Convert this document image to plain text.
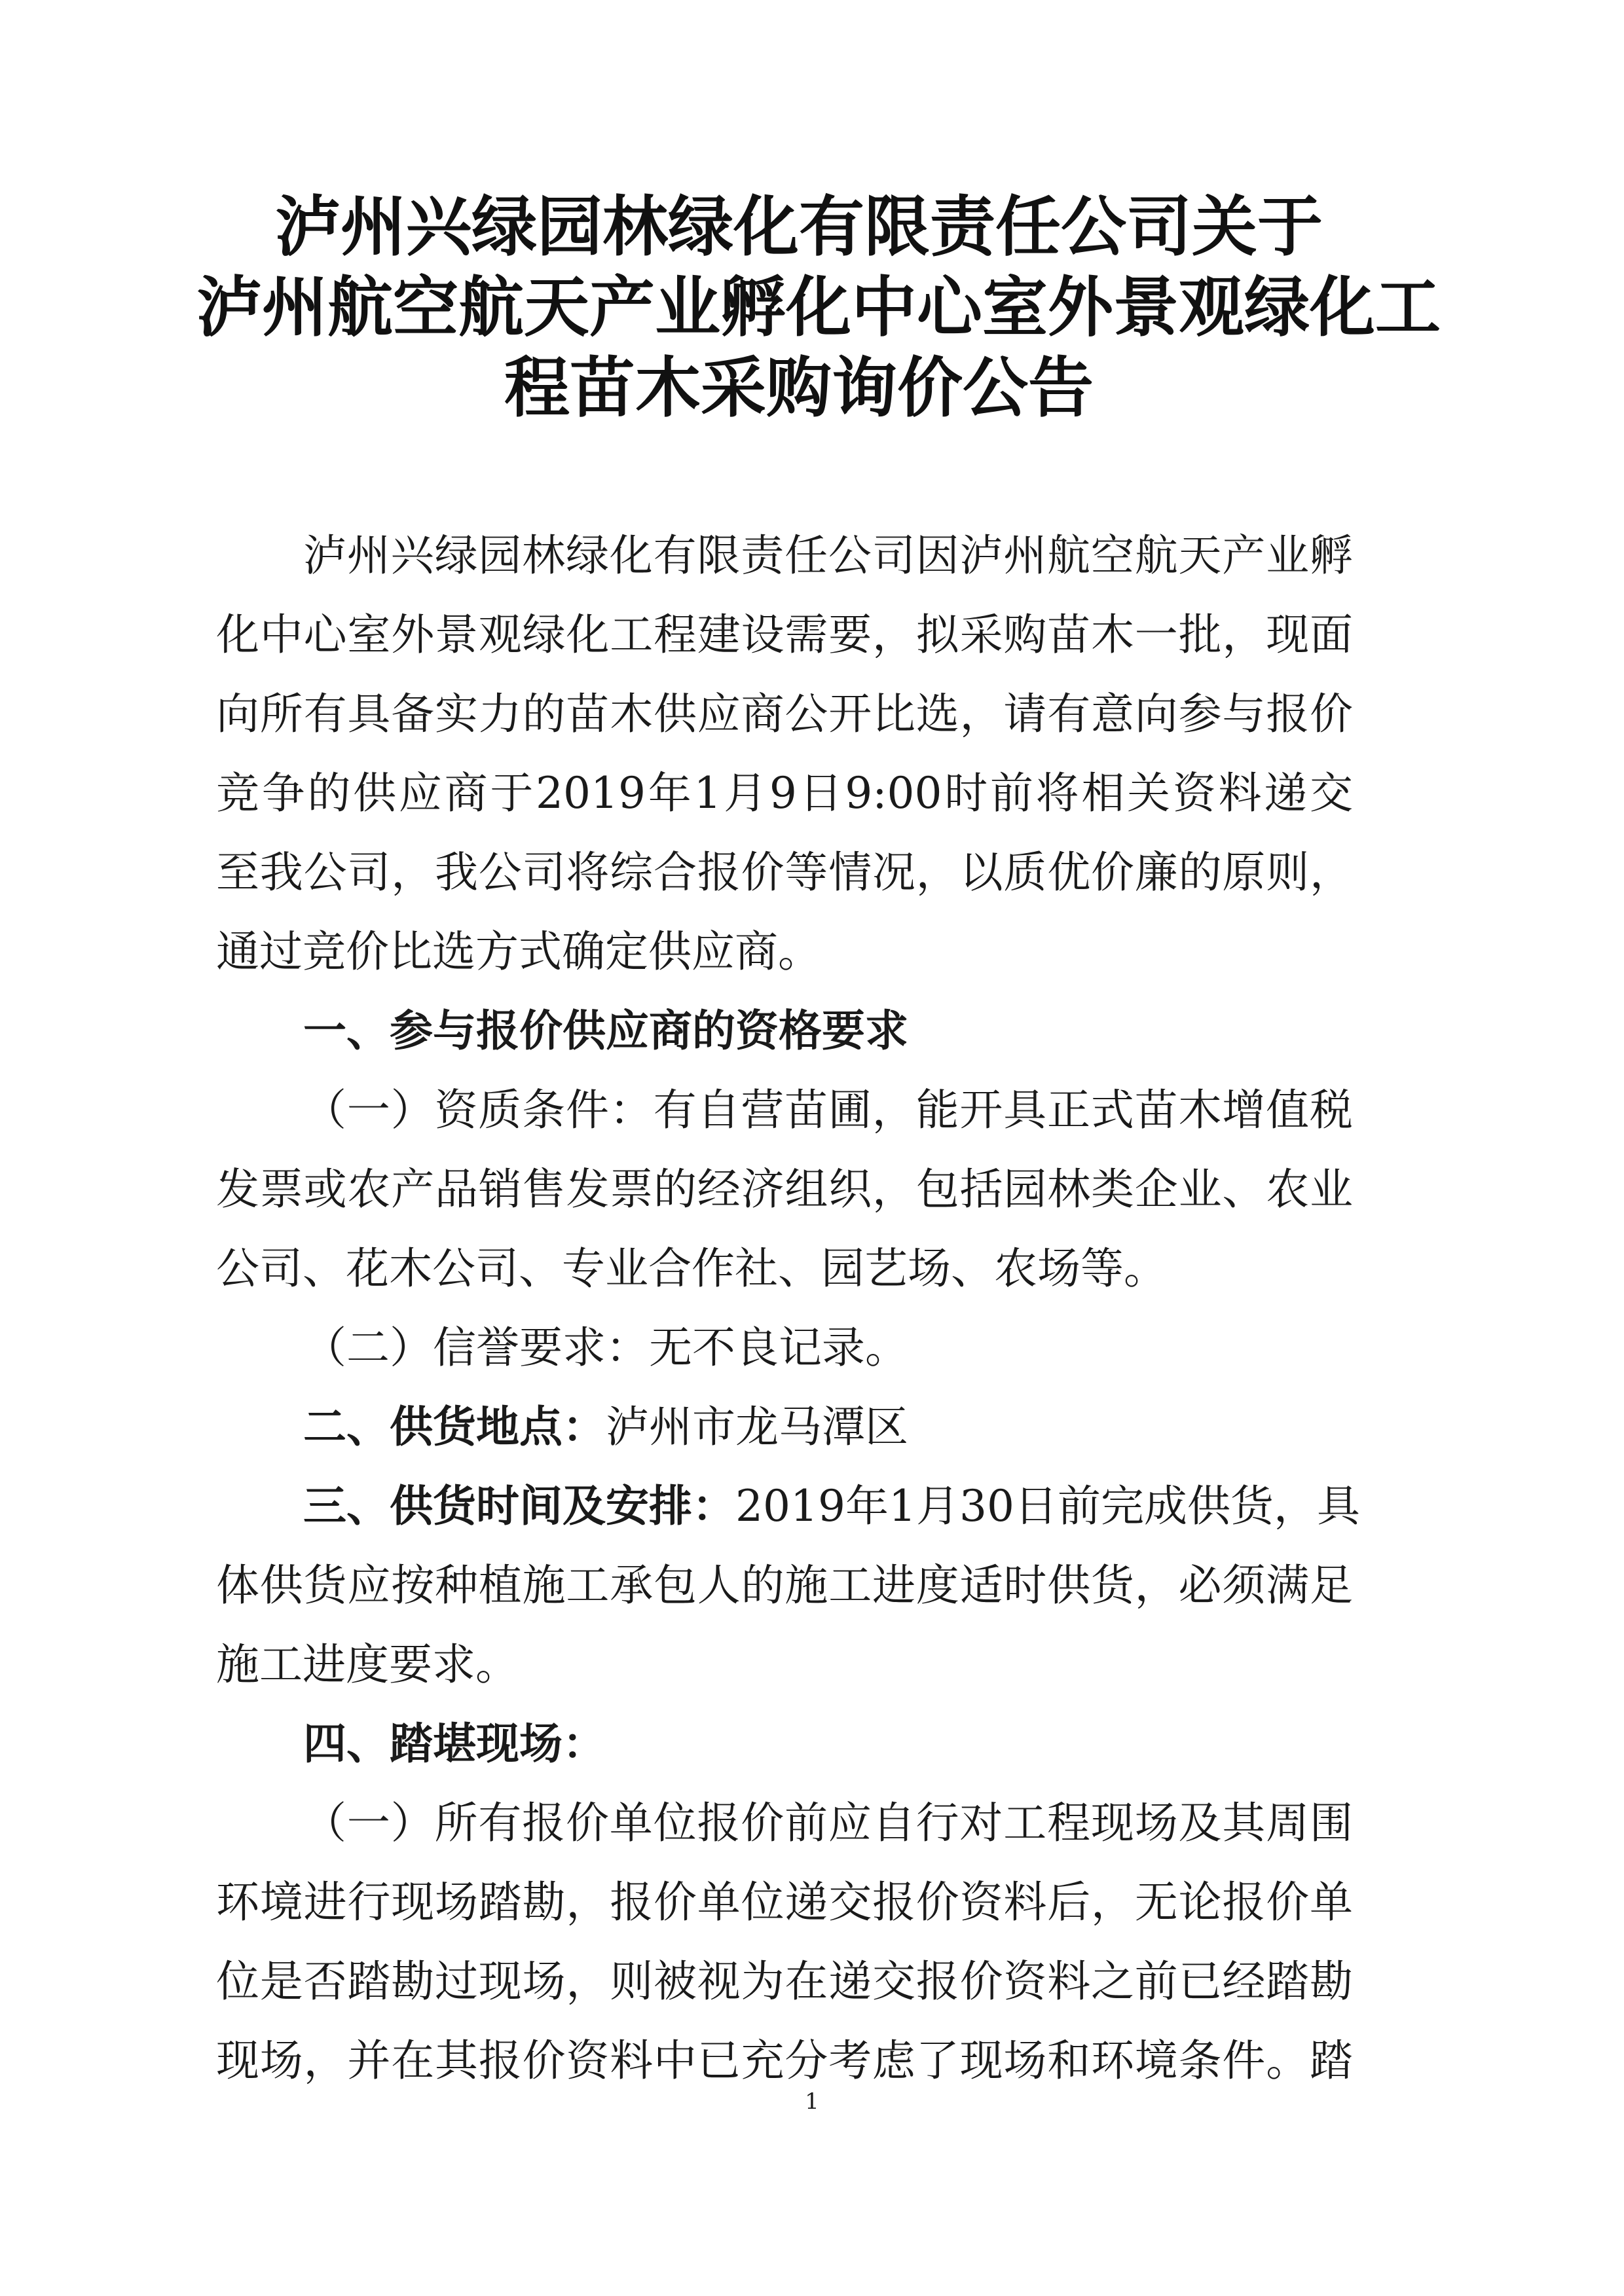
泸州兴绿园林绿化有限责任公司关于
泸州航空航天产业孵化中心室外景观绿化工
程苗木采购询价公告
泸州兴绿园林绿化有限责任公司因泸州航空航天产业孵
化中心室外景观绿化工程建设需要，拟采购苗木一批，现面
向所有具备实力的苗木供应商公开比选，请有意向参与报价
竞争的供应商于2019年1月9日9:00时前将相关资料递交
至我公司，我公司将综合报价等情况，以质优价廉的原则，
通过竞价比选方式确定供应商。
一、参与报价供应商的资格要求
（一）资质条件：有自营苗圃，能开具正式苗木增值税
发票或农产品销售发票的经济组织，包括园林类企业、农业
公司、花木公司、专业合作社、园艺场、农场等。
（二）信誉要求：无不良记录。
二、供货地点：泸州市龙马潭区
三、供货时间及安排：2019年1月30日前完成供货，具
体供货应按种植施工承包人的施工进度适时供货，必须满足
施工进度要求。
四、踏堪现场：
（一）所有报价单位报价前应自行对工程现场及其周围
环境进行现场踏勘，报价单位递交报价资料后，无论报价单
位是否踏勘过现场，则被视为在递交报价资料之前已经踏勘
现场，并在其报价资料中已充分考虑了现场和环境条件。踏
1
